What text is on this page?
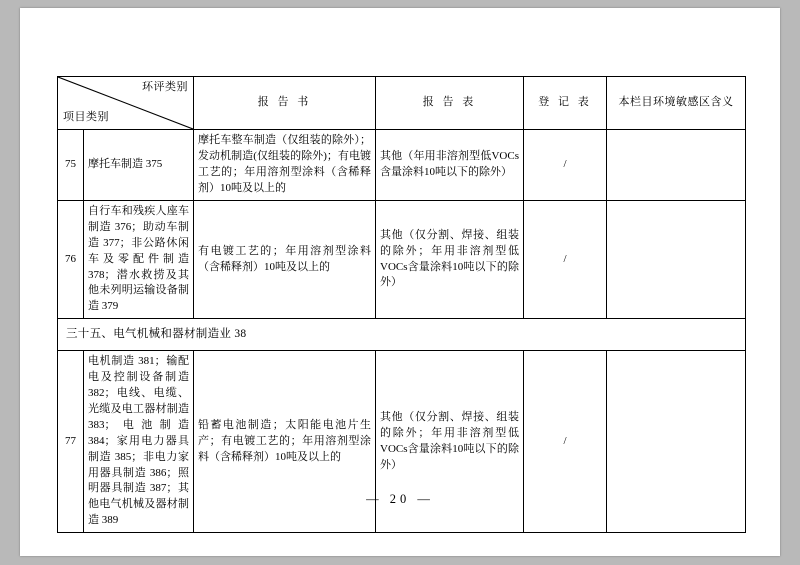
环评类别
项目类别		报 告 书	报 告 表	登 记 表	本栏目环境敏感区含义
75	摩托车制造 375	摩托车整车制造（仅组装的除外）；发动机制造(仅组装的除外)；有电镀工艺的；年用溶剂型涂料（含稀释剂）10吨及以上的	其他（年用非溶剂型低VOCs含量涂料10吨以下的除外）	/	
76	自行车和残疾人座车制造 376；助动车制造 377；非公路休闲车及零配件制造 378；潜水救捞及其他未列明运输设备制造 379	有电镀工艺的；年用溶剂型涂料（含稀释剂）10吨及以上的	其他（仅分割、焊接、组装的除外；年用非溶剂型低VOCs含量涂料10吨以下的除外）	/	
三十五、电气机械和器材制造业 38					
77	电机制造 381；输配电及控制设备制造 382；电线、电缆、光缆及电工器材制造 383；电池制造 384；家用电力器具制造 385；非电力家用器具制造 386；照明器具制造 387；其他电气机械及器材制造 389	铅蓄电池制造；太阳能电池片生产；有电镀工艺的；年用溶剂型涂料（含稀释剂）10吨及以上的	其他（仅分割、焊接、组装的除外；年用非溶剂型低VOCs含量涂料10吨以下的除外）	/	
— 20 —
